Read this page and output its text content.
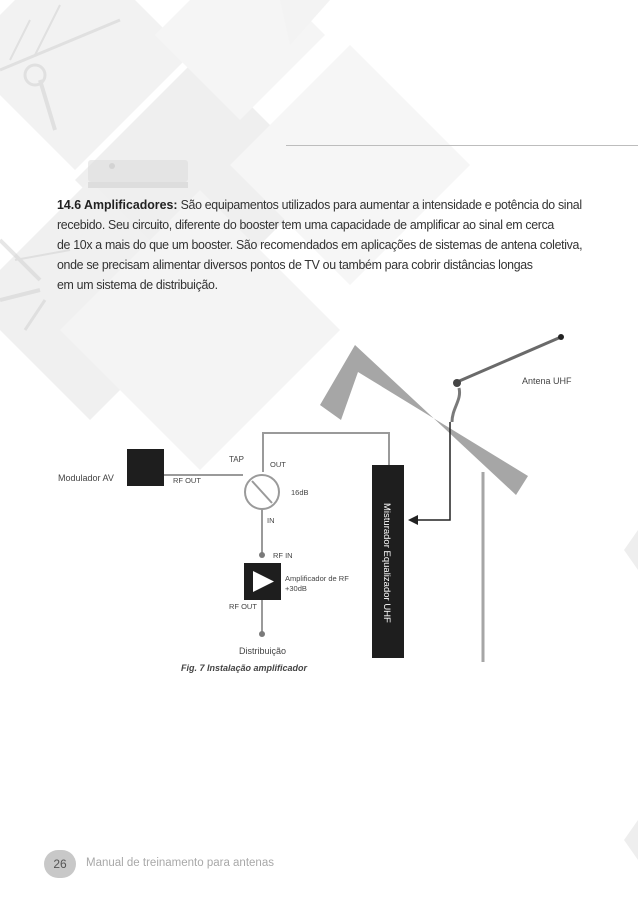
14.6 Amplificadores: São equipamentos utilizados para aumentar a intensidade e potência do sinal
recebido. Seu circuito, diferente do booster tem uma capacidade de amplificar ao sinal em cerca
de 10x a mais do que um booster. São recomendados em aplicações de sistemas de antena coletiva,
onde se precisam alimentar diversos pontos de TV ou também para cobrir distâncias longas
em um sistema de distribuição.
Antena UHF
Misturador Equalizador UHF
Modulador AV	RF OUT
TAP
OUT
16dB
IN
RF IN
Amplificador de RF
+30dB
RF OUT
Distribuição
Fig. 7 Instalação amplificador
26	Manual de treinamento para antenas
